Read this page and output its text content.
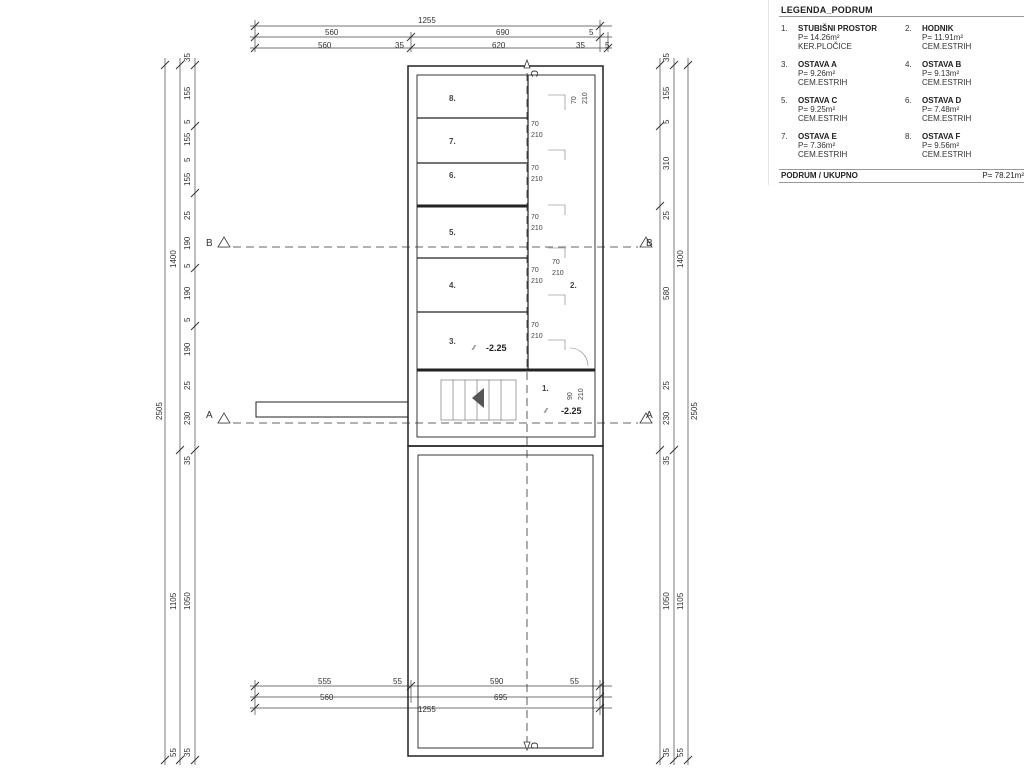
B	B
A	A
C
C
1255
560	690	5
560	35	620	35	5
555	55	590	55
560	695
1255
1400
2505
35
155
5
155
5
155
25
190
5
190
5
190
25
230
35
1105 1050
35
55
35
155
5
310
25
580
25
230
35
1050 1105
35 55
1400
2505
8.
7.
6.
5.
4.
3.
2.
1.
⁄⁄ -2.25
⁄⁄ -2.25
70 210
70
210
70
210
70
210
70
210
70
210
70
210
90 210
LEGENDA_PODRUM
1.	STUBIŠNI PROSTOR
P= 14.26m²
KER.PLOČICE
2.	HODNIK
P= 11.91m²
CEM.ESTRIH
3.	OSTAVA A
P= 9.26m²
CEM.ESTRIH
4.	OSTAVA B
P= 9.13m²
CEM.ESTRIH
5.	OSTAVA C
P= 9.25m²
CEM.ESTRIH
6.	OSTAVA D
P= 7.48m²
CEM.ESTRIH
7.	OSTAVA E
P= 7.36m²
CEM.ESTRIH
8.	OSTAVA F
P= 9.56m²
CEM.ESTRIH
PODRUM / UKUPNO	P= 78.21m²
